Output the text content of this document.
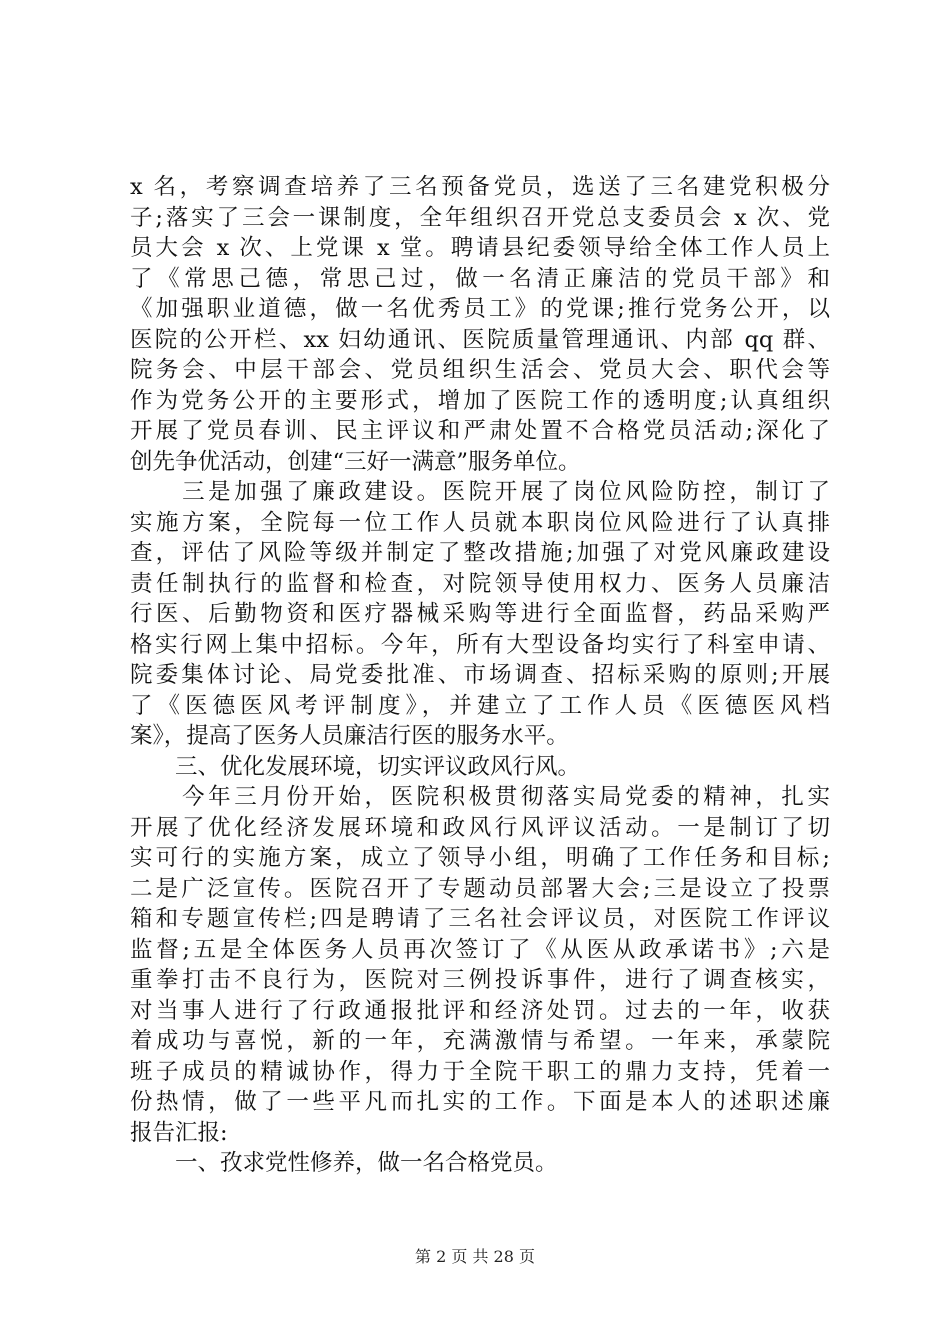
x 名，考察调查培养了三名预备党员，选送了三名建党积极分
子;落实了三会一课制度，全年组织召开党总支委员会 x 次、党
员大会 x 次、上党课 x 堂。聘请县纪委领导给全体工作人员上
了《常思己德，常思己过，做一名清正廉洁的党员干部》和
《加强职业道德，做一名优秀员工》的党课;推行党务公开，以
医院的公开栏、xx 妇幼通讯、医院质量管理通讯、内部 qq 群、
院务会、中层干部会、党员组织生活会、党员大会、职代会等
作为党务公开的主要形式，增加了医院工作的透明度;认真组织
开展了党员春训、民主评议和严肃处置不合格党员活动;深化了
创先争优活动，创建“三好一满意”服务单位。
　　三是加强了廉政建设。医院开展了岗位风险防控，制订了
实施方案，全院每一位工作人员就本职岗位风险进行了认真排
查，评估了风险等级并制定了整改措施;加强了对党风廉政建设
责任制执行的监督和检查，对院领导使用权力、医务人员廉洁
行医、后勤物资和医疗器械采购等进行全面监督，药品采购严
格实行网上集中招标。今年，所有大型设备均实行了科室申请、
院委集体讨论、局党委批准、市场调查、招标采购的原则;开展
了《医德医风考评制度》，并建立了工作人员《医德医风档
案》，提高了医务人员廉洁行医的服务水平。
　　三、优化发展环境，切实评议政风行风。
　　今年三月份开始，医院积极贯彻落实局党委的精神，扎实
开展了优化经济发展环境和政风行风评议活动。一是制订了切
实可行的实施方案，成立了领导小组，明确了工作任务和目标;
二是广泛宣传。医院召开了专题动员部署大会;三是设立了投票
箱和专题宣传栏;四是聘请了三名社会评议员，对医院工作评议
监督;五是全体医务人员再次签订了《从医从政承诺书》;六是
重拳打击不良行为，医院对三例投诉事件，进行了调查核实，
对当事人进行了行政通报批评和经济处罚。过去的一年，收获
着成功与喜悦，新的一年，充满激情与希望。一年来，承蒙院
班子成员的精诚协作，得力于全院干职工的鼎力支持，凭着一
份热情，做了一些平凡而扎实的工作。下面是本人的述职述廉
报告汇报:
　　一、孜求党性修养，做一名合格党员。
第 2 页 共 28 页
